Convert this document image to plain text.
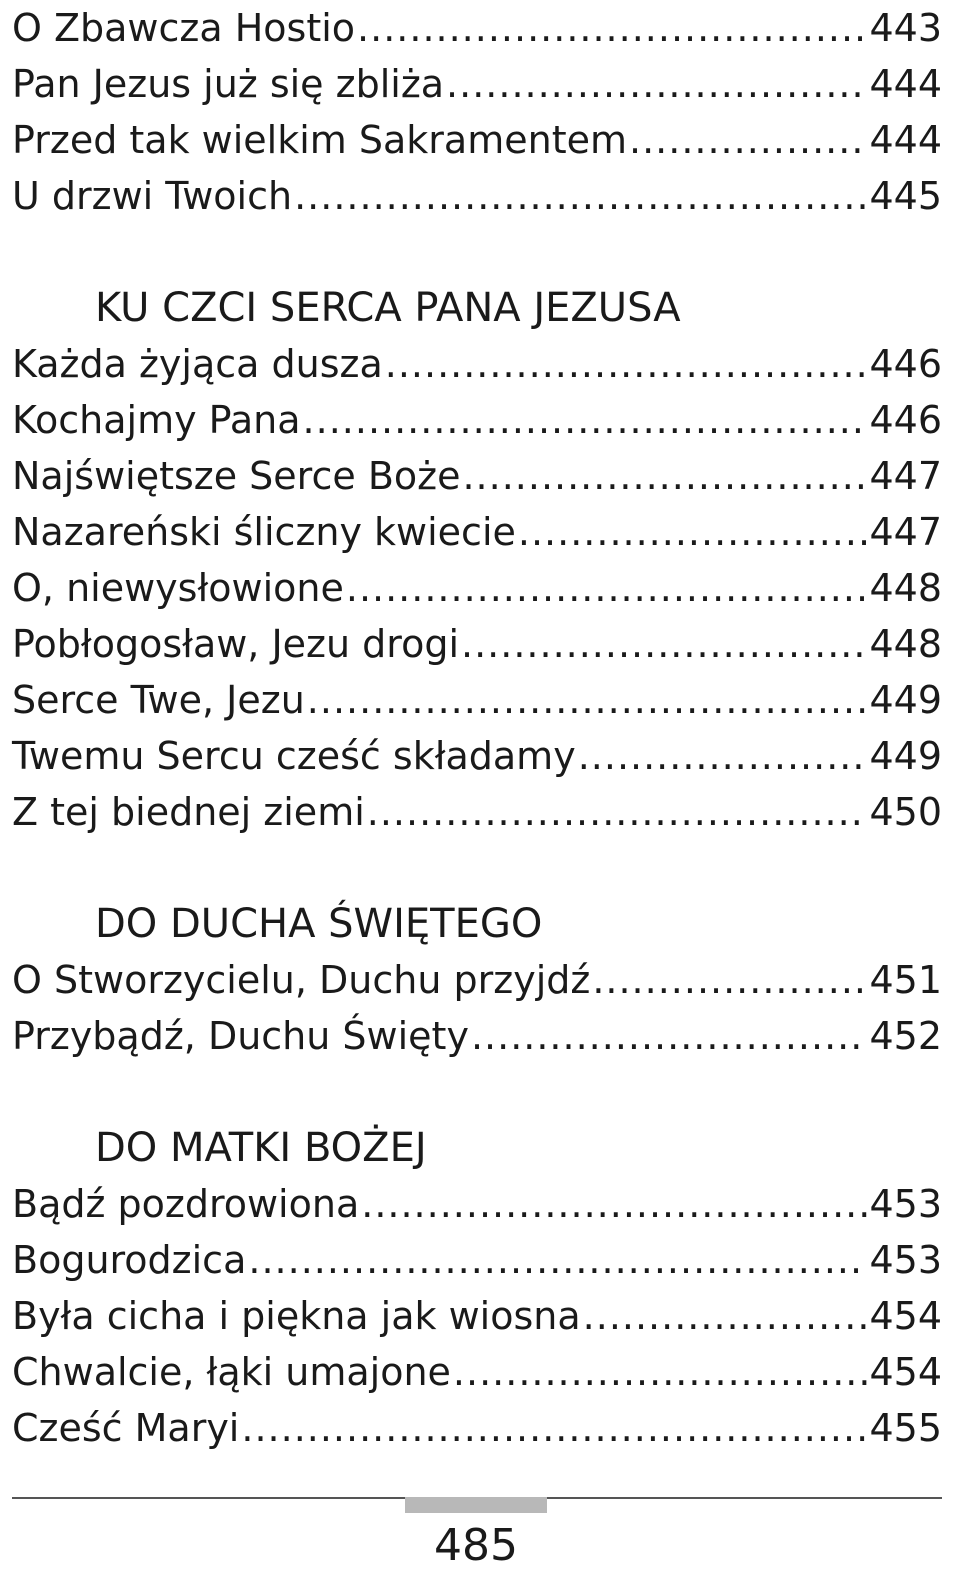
O Zbawcza Hostio .....	443
Pan Jezus już się zbliża .....	444
Przed tak wielkim Sakramentem .....	444
U drzwi Twoich .....	445
KU CZCI SERCA PANA JEZUSA
Każda żyjąca dusza .....	446
Kochajmy Pana .....	446
Najświętsze Serce Boże .....	447
Nazareński śliczny kwiecie .....	447
O, niewysłowione .....	448
Pobłogosław, Jezu drogi .....	448
Serce Twe, Jezu .....	449
Twemu Sercu cześć składamy .....	449
Z tej biednej ziemi .....	450
DO DUCHA ŚWIĘTEGO
O Stworzycielu, Duchu przyjdź .....	451
Przybądź, Duchu Święty .....	452
DO MATKI BOŻEJ
Bądź pozdrowiona .....	453
Bogurodzica .....	453
Była cicha i piękna jak wiosna .....	454
Chwalcie, łąki umajone .....	454
Cześć Maryi .....	455
485
